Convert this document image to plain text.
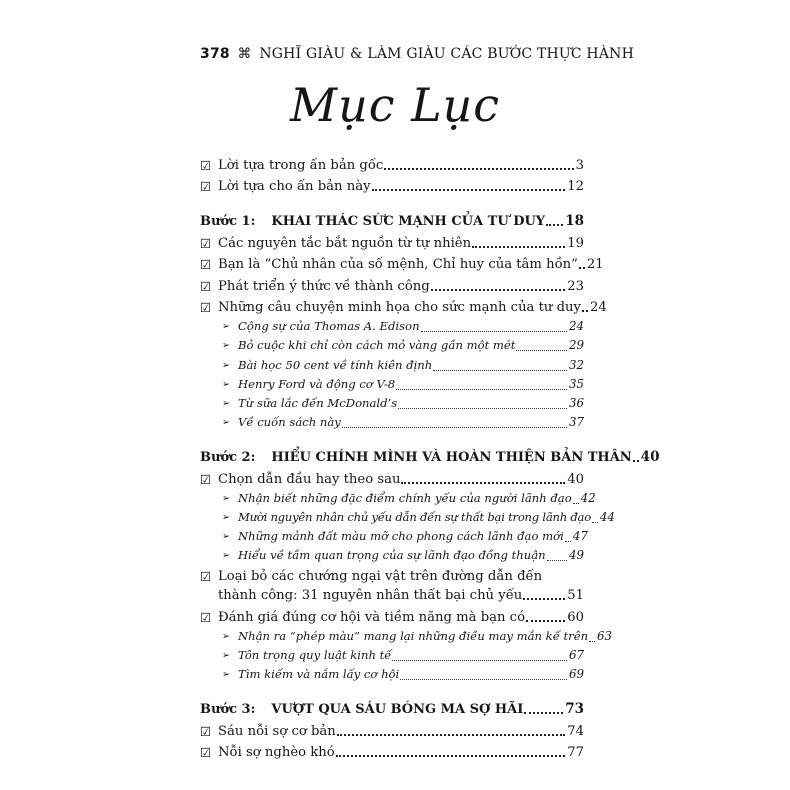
378 ⌘ NGHĨ GIÀU & LÀM GIÀU CÁC BƯỚC THỰC HÀNH
Mục Lục
☑ Lời tựa trong ấn bản gốc	3
☑ Lời tựa cho ấn bản này	12
Bước 1: KHAI THÁC SỨC MẠNH CỦA TƯ DUY 18
☑ Các nguyên tắc bắt nguồn từ tự nhiên	19
☑ Bạn là “Chủ nhân của số mệnh, Chỉ huy của tâm hồn” 21
☑ Phát triển ý thức về thành công	23
☑ Những câu chuyện minh họa cho sức mạnh của tư duy 24
➢ Cộng sự của Thomas A. Edison	24
➢ Bỏ cuộc khi chỉ còn cách mỏ vàng gần một mét	29
➢ Bài học 50 cent về tính kiên định	32
➢ Henry Ford và động cơ V-8	35
➢ Từ sữa lắc đến McDonald’s	36
➢ Về cuốn sách này	37
Bước 2: HIỂU CHÍNH MÌNH VÀ HOÀN THIỆN BẢN THÂN 40
☑ Chọn dẫn đầu hay theo sau	40
➢ Nhận biết những đặc điểm chính yếu của người lãnh đạo 42
➢ Mười nguyên nhân chủ yếu dẫn đến sự thất bại trong lãnh đạo 44
➢ Những mảnh đất màu mỡ cho phong cách lãnh đạo mới 47
➢ Hiểu về tầm quan trọng của sự lãnh đạo đồng thuận 49
☑ Loại bỏ các chướng ngại vật trên đường dẫn đến
thành công: 31 nguyên nhân thất bại chủ yếu	51
☑ Đánh giá đúng cơ hội và tiềm năng mà bạn có	60
➢ Nhận ra “phép màu” mang lại những điều may mắn kế trên 63
➢ Tôn trọng quy luật kinh tế	67
➢ Tìm kiếm và nắm lấy cơ hội	69
Bước 3: VƯỢT QUA SÁU BÓNG MA SỢ HÃI	73
☑ Sáu nỗi sợ cơ bản	74
☑ Nỗi sợ nghèo khó	77
